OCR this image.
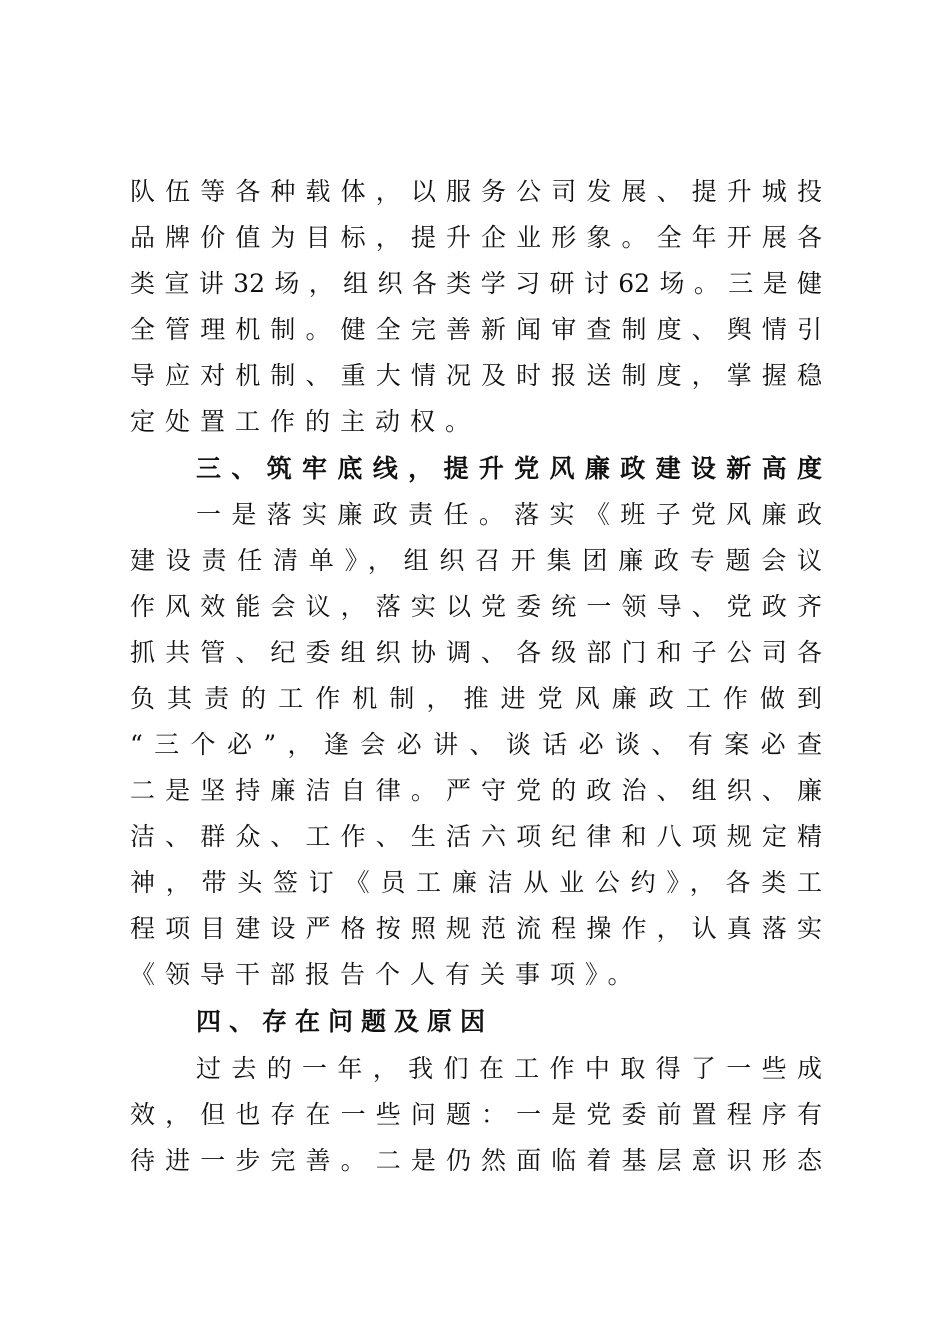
队伍等各种载体，以服务公司发展、提升城投
品牌价值为目标，提升企业形象。全年开展各
类宣讲32场，组织各类学习研讨62场。三是健
全管理机制。健全完善新闻审查制度、舆情引
导应对机制、重大情况及时报送制度，掌握稳
定处置工作的主动权。
三、筑牢底线，提升党风廉政建设新高度
一是落实廉政责任。落实《班子党风廉政
建设责任清单》，组织召开集团廉政专题会议
作风效能会议，落实以党委统一领导、党政齐
抓共管、纪委组织协调、各级部门和子公司各
负其责的工作机制，推进党风廉政工作做到
“三个必”，逢会必讲、谈话必谈、有案必查
二是坚持廉洁自律。严守党的政治、组织、廉
洁、群众、工作、生活六项纪律和八项规定精
神，带头签订《员工廉洁从业公约》，各类工
程项目建设严格按照规范流程操作，认真落实
《领导干部报告个人有关事项》。
四、存在问题及原因
过去的一年，我们在工作中取得了一些成
效，但也存在一些问题：一是党委前置程序有
待进一步完善。二是仍然面临着基层意识形态
